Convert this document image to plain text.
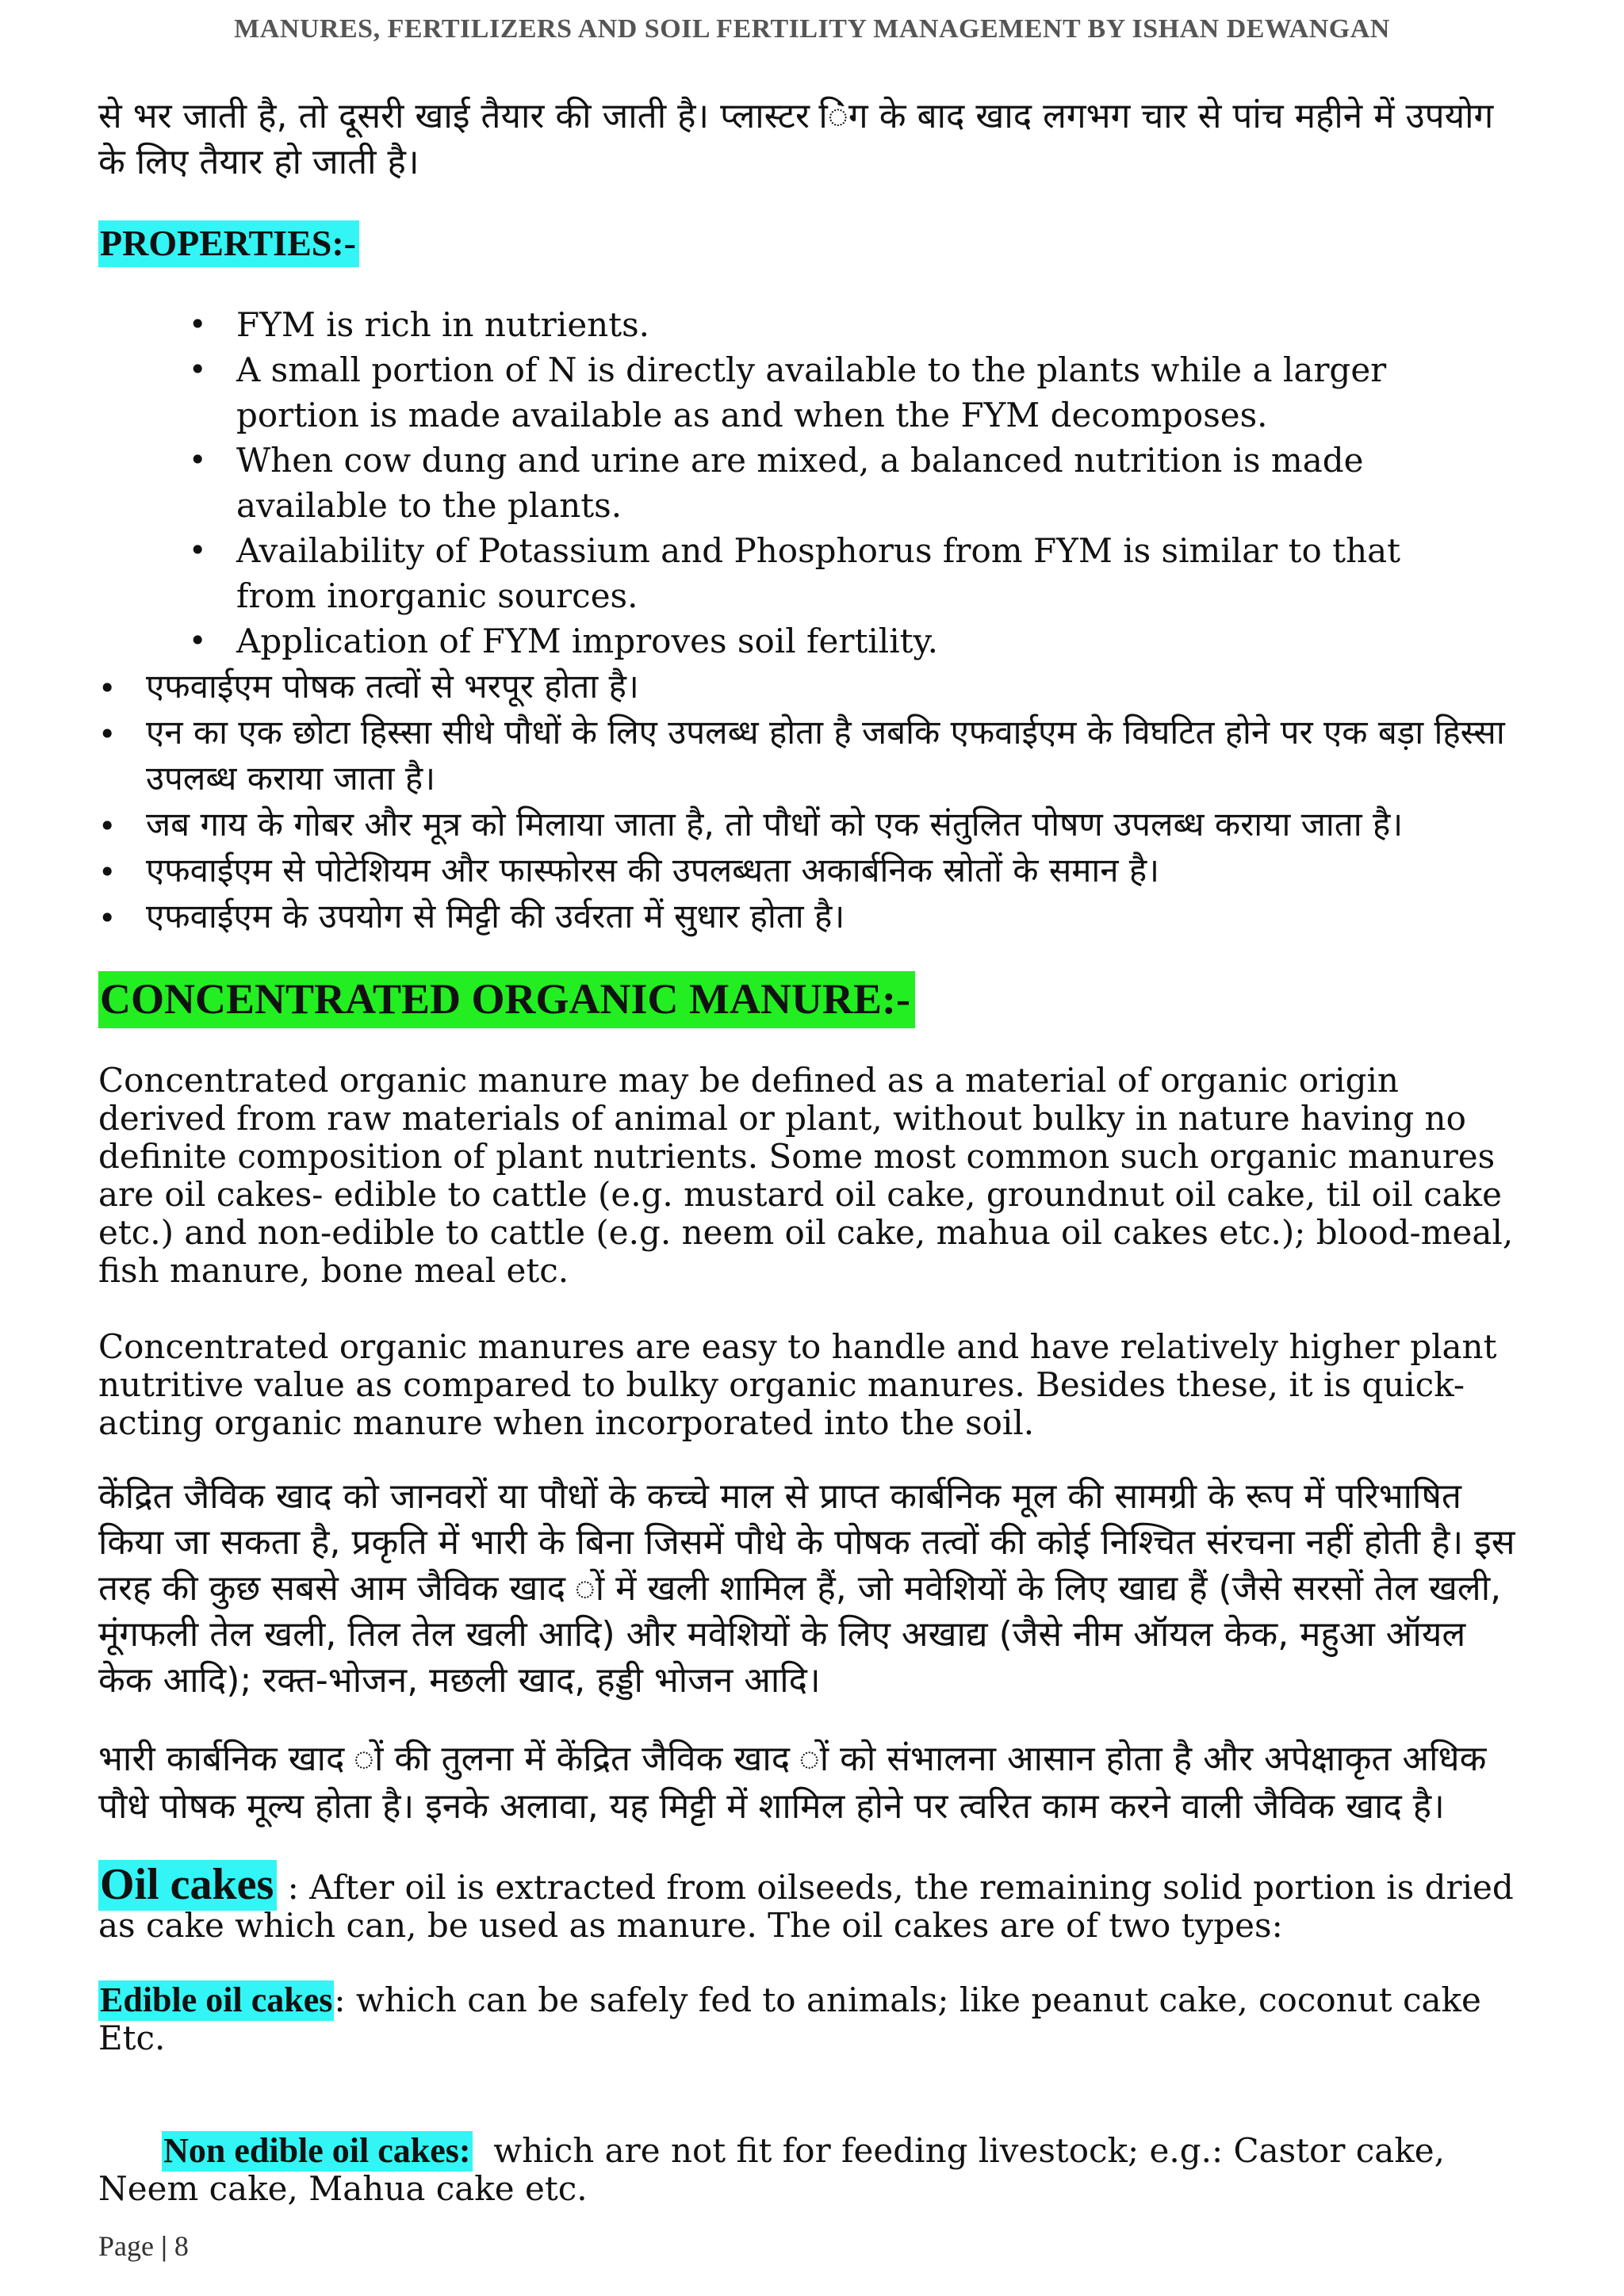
MANURES, FERTILIZERS AND SOIL FERTILITY MANAGEMENT BY ISHAN DEWANGAN

से भर जाती है, तो दूसरी खाई तैयार की जाती है। प्लास्टर िंग के बाद खाद लगभग चार से पांच महीने में उपयोग के लिए तैयार हो जाती है।

PROPERTIES:-
• FYM is rich in nutrients.
• A small portion of N is directly available to the plants while a larger portion is made available as and when the FYM decomposes.
• When cow dung and urine are mixed, a balanced nutrition is made available to the plants.
• Availability of Potassium and Phosphorus from FYM is similar to that from inorganic sources.
• Application of FYM improves soil fertility.
• एफवाईएम पोषक तत्वों से भरपूर होता है।
• एन का एक छोटा हिस्सा सीधे पौधों के लिए उपलब्ध होता है जबकि एफवाईएम के विघटित होने पर एक बड़ा हिस्सा उपलब्ध कराया जाता है।
• जब गाय के गोबर और मूत्र को मिलाया जाता है, तो पौधों को एक संतुलित पोषण उपलब्ध कराया जाता है।
• एफवाईएम से पोटेशियम और फास्फोरस की उपलब्धता अकार्बनिक स्रोतों के समान है।
• एफवाईएम के उपयोग से मिट्टी की उर्वरता में सुधार होता है।
CONCENTRATED ORGANIC MANURE:-

Concentrated organic manure may be defined as a material of organic origin derived from raw materials of animal or plant, without bulky in nature having no definite composition of plant nutrients. Some most common such organic manures are oil cakes- edible to cattle (e.g. mustard oil cake, groundnut oil cake, til oil cake etc.) and non-edible to cattle (e.g. neem oil cake, mahua oil cakes etc.); blood-meal, fish manure, bone meal etc.

Concentrated organic manures are easy to handle and have relatively higher plant nutritive value as compared to bulky organic manures. Besides these, it is quick-acting organic manure when incorporated into the soil.

केंद्रित जैविक खाद को जानवरों या पौधों के कच्चे माल से प्राप्त कार्बनिक मूल की सामग्री के रूप में परिभाषित किया जा सकता है, प्रकृति में भारी के बिना जिसमें पौधे के पोषक तत्वों की कोई निश्चित संरचना नहीं होती है। इस तरह की कुछ सबसे आम जैविक खाद ों में खली शामिल हैं, जो मवेशियों के लिए खाद्य हैं (जैसे सरसों तेल खली, मूंगफली तेल खली, तिल तेल खली आदि) और मवेशियों के लिए अखाद्य (जैसे नीम ऑयल केक, महुआ ऑयल केक आदि); रक्त-भोजन, मछली खाद, हड्डी भोजन आदि।

भारी कार्बनिक खाद ों की तुलना में केंद्रित जैविक खाद ों को संभालना आसान होता है और अपेक्षाकृत अधिक पौधे पोषक मूल्य होता है। इनके अलावा, यह मिट्टी में शामिल होने पर त्वरित काम करने वाली जैविक खाद है।

Oil cakes : After oil is extracted from oilseeds, the remaining solid portion is dried as cake which can, be used as manure. The oil cakes are of two types:

Edible oil cakes: which can be safely fed to animals; like peanut cake, coconut cake Etc.

Non edible oil cakes:  which are not fit for feeding livestock; e.g.: Castor cake, Neem cake, Mahua cake etc.

Page | 8
